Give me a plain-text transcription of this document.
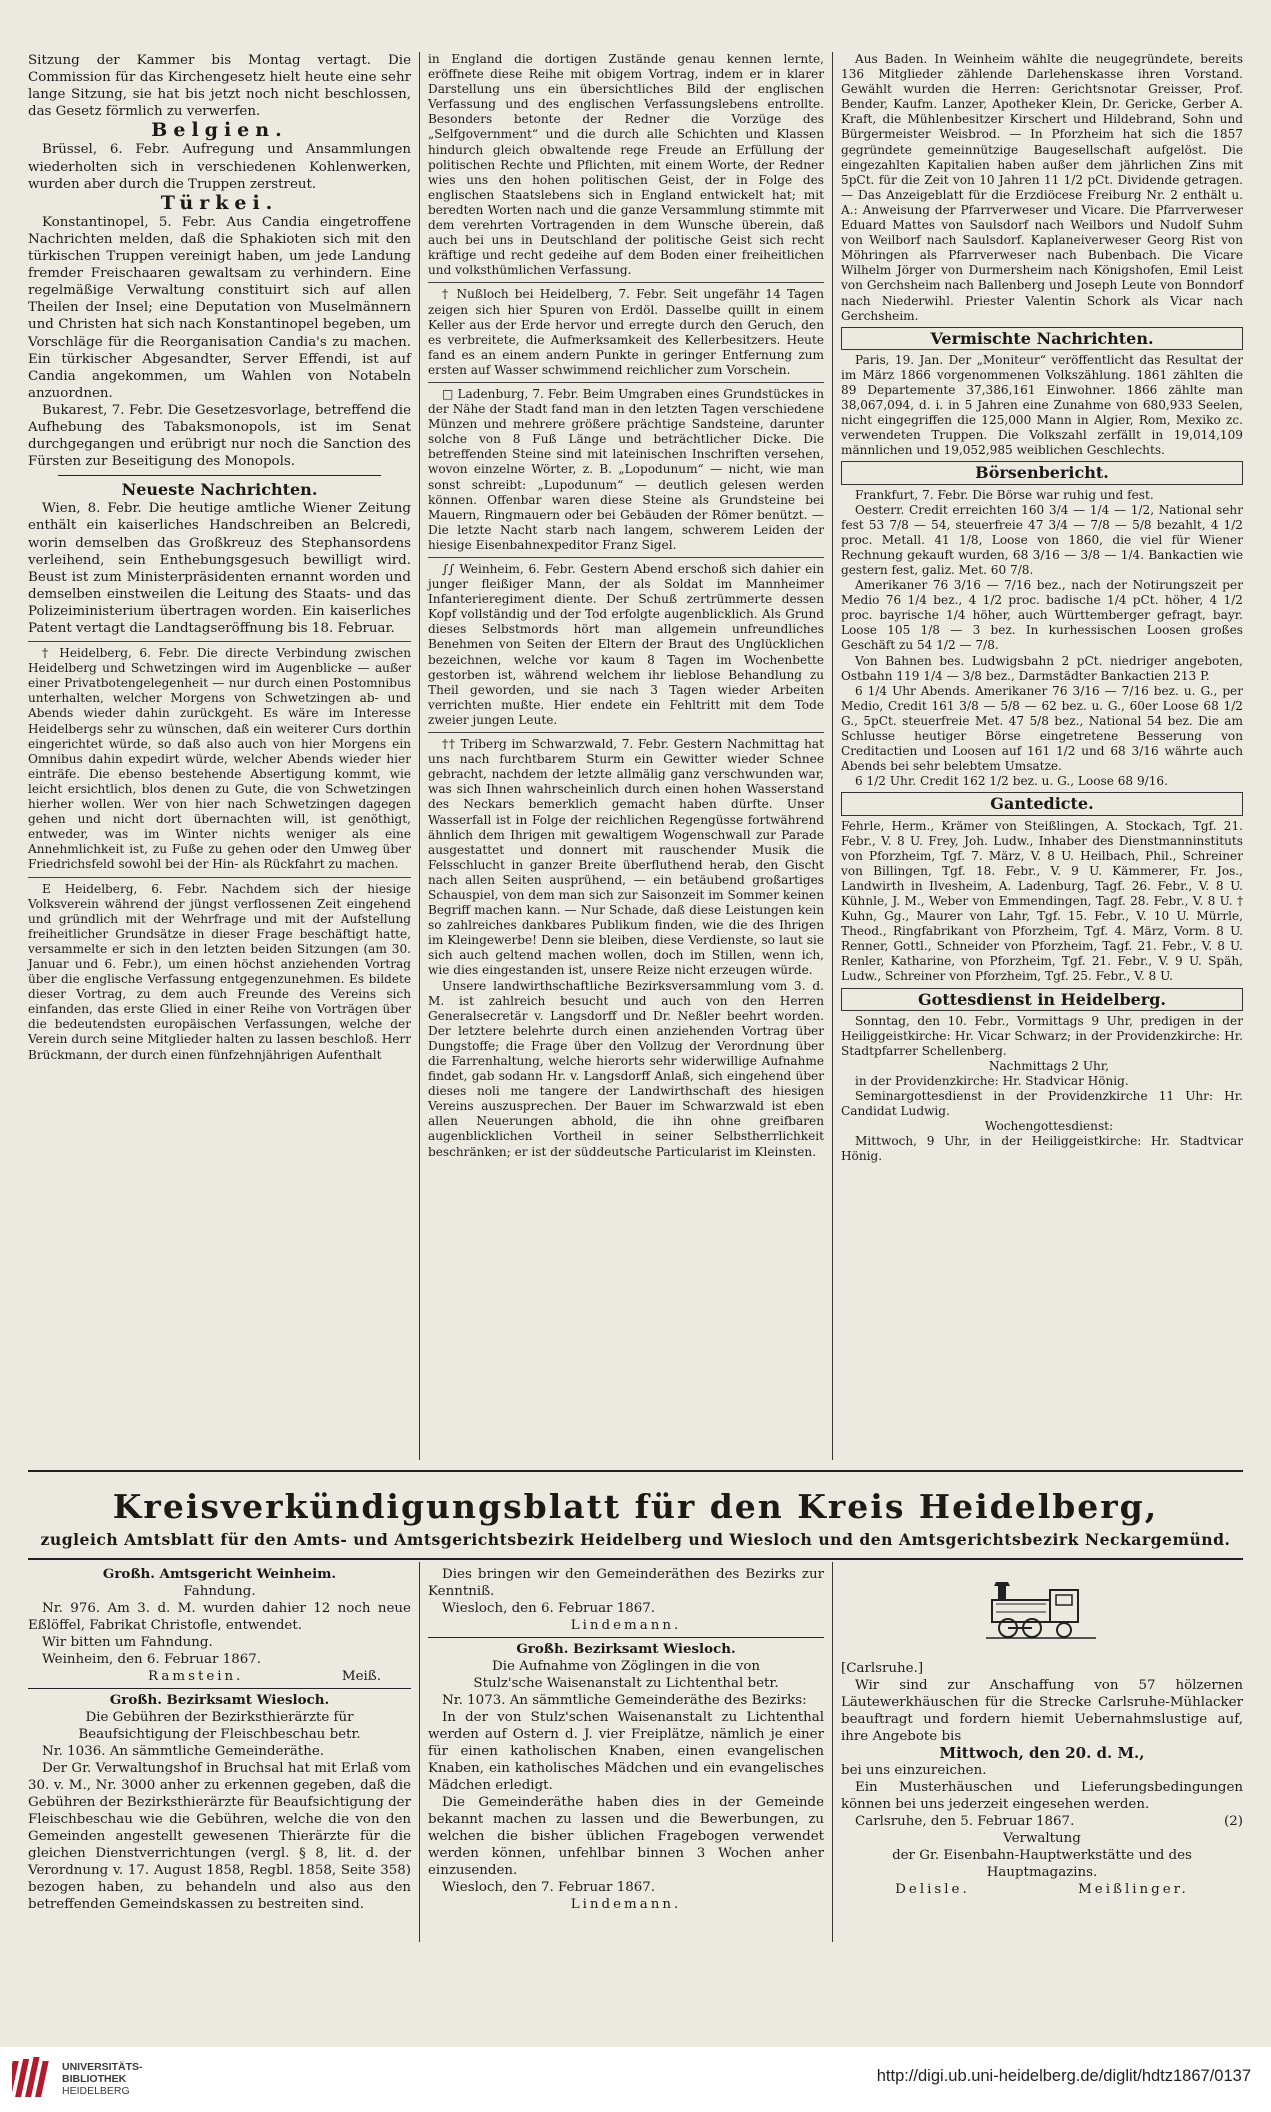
Sitzung der Kammer bis Montag vertagt. Die Commission für das Kirchengesetz hielt heute eine sehr lange Sitzung, sie hat bis jetzt noch nicht beschlossen, das Gesetz förmlich zu verwerfen.

Belgien.

Brüssel, 6. Febr. Aufregung und Ansammlungen wiederholten sich in verschiedenen Kohlenwerken, wurden aber durch die Truppen zerstreut.

Türkei.

Konstantinopel, 5. Febr. Aus Candia eingetroffene Nachrichten melden, daß die Sphakioten sich mit den türkischen Truppen vereinigt haben, um jede Landung fremder Freischaaren gewaltsam zu verhindern. Eine regelmäßige Verwaltung constituirt sich auf allen Theilen der Insel; eine Deputation von Muselmännern und Christen hat sich nach Konstantinopel begeben, um Vorschläge für die Reorganisation Candia's zu machen. Ein türkischer Abgesandter, Server Effendi, ist auf Candia angekommen, um Wahlen von Notabeln anzuordnen.

Bukarest, 7. Febr. Die Gesetzesvorlage, betreffend die Aufhebung des Tabaksmonopols, ist im Senat durchgegangen und erübrigt nur noch die Sanction des Fürsten zur Beseitigung des Monopols.

Neueste Nachrichten.

Wien, 8. Febr. Die heutige amtliche Wiener Zeitung enthält ein kaiserliches Handschreiben an Belcredi, worin demselben das Großkreuz des Stephansordens verleihend, sein Enthebungsgesuch bewilligt wird. Beust ist zum Ministerpräsidenten ernannt worden und demselben einstweilen die Leitung des Staats- und das Polizeiministerium übertragen worden. Ein kaiserliches Patent vertagt die Landtagseröffnung bis 18. Februar.

† Heidelberg, 6. Febr. Die directe Verbindung zwischen Heidelberg und Schwetzingen wird im Augenblicke — außer einer Privatbotengelegenheit — nur durch einen Postomnibus unterhalten, welcher Morgens von Schwetzingen ab- und Abends wieder dahin zurückgeht. Es wäre im Interesse Heidelbergs sehr zu wünschen, daß ein weiterer Curs dorthin eingerichtet würde, so daß also auch von hier Morgens ein Omnibus dahin expedirt würde, welcher Abends wieder hier einträfe. Die ebenso bestehende Absertigung kommt, wie leicht ersichtlich, blos denen zu Gute, die von Schwetzingen hierher wollen. Wer von hier nach Schwetzingen dagegen gehen und nicht dort übernachten will, ist genöthigt, entweder, was im Winter nichts weniger als eine Annehmlichkeit ist, zu Fuße zu gehen oder den Umweg über Friedrichsfeld sowohl bei der Hin- als Rückfahrt zu machen.

E Heidelberg, 6. Febr. Nachdem sich der hiesige Volksverein während der jüngst verflossenen Zeit eingehend und gründlich mit der Wehrfrage und mit der Aufstellung freiheitlicher Grundsätze in dieser Frage beschäftigt hatte, versammelte er sich in den letzten beiden Sitzungen (am 30. Januar und 6. Febr.), um einen höchst anziehenden Vortrag über die englische Verfassung entgegenzunehmen. Es bildete dieser Vortrag, zu dem auch Freunde des Vereins sich einfanden, das erste Glied in einer Reihe von Vorträgen über die bedeutendsten europäischen Verfassungen, welche der Verein durch seine Mitglieder halten zu lassen beschloß. Herr Brückmann, der durch einen fünfzehnjährigen Aufenthalt

in England die dortigen Zustände genau kennen lernte, eröffnete diese Reihe mit obigem Vortrag, indem er in klarer Darstellung uns ein übersichtliches Bild der englischen Verfassung und des englischen Verfassungslebens entrollte. Besonders betonte der Redner die Vorzüge des „Selfgovernment“ und die durch alle Schichten und Klassen hindurch gleich obwaltende rege Freude an Erfüllung der politischen Rechte und Pflichten, mit einem Worte, der Redner wies uns den hohen politischen Geist, der in Folge des englischen Staatslebens sich in England entwickelt hat; mit beredten Worten nach und die ganze Versammlung stimmte mit dem verehrten Vortragenden in dem Wunsche überein, daß auch bei uns in Deutschland der politische Geist sich recht kräftige und recht gedeihe auf dem Boden einer freiheitlichen und volksthümlichen Verfassung.

† Nußloch bei Heidelberg, 7. Febr. Seit ungefähr 14 Tagen zeigen sich hier Spuren von Erdöl. Dasselbe quillt in einem Keller aus der Erde hervor und erregte durch den Geruch, den es verbreitete, die Aufmerksamkeit des Kellerbesitzers. Heute fand es an einem andern Punkte in geringer Entfernung zum ersten auf Wasser schwimmend reichlicher zum Vorschein.

□ Ladenburg, 7. Febr. Beim Umgraben eines Grundstückes in der Nähe der Stadt fand man in den letzten Tagen verschiedene Münzen und mehrere größere prächtige Sandsteine, darunter solche von 8 Fuß Länge und beträchtlicher Dicke. Die betreffenden Steine sind mit lateinischen Inschriften versehen, wovon einzelne Wörter, z. B. „Lopodunum“ — nicht, wie man sonst schreibt: „Lupodunum“ — deutlich gelesen werden können. Offenbar waren diese Steine als Grundsteine bei Mauern, Ringmauern oder bei Gebäuden der Römer benützt. — Die letzte Nacht starb nach langem, schwerem Leiden der hiesige Eisenbahnexpeditor Franz Sigel.

∫∫ Weinheim, 6. Febr. Gestern Abend erschoß sich dahier ein junger fleißiger Mann, der als Soldat im Mannheimer Infanterieregiment diente. Der Schuß zertrümmerte dessen Kopf vollständig und der Tod erfolgte augenblicklich. Als Grund dieses Selbstmords hört man allgemein unfreundliches Benehmen von Seiten der Eltern der Braut des Unglücklichen bezeichnen, welche vor kaum 8 Tagen im Wochenbette gestorben ist, während welchem ihr lieblose Behandlung zu Theil geworden, und sie nach 3 Tagen wieder Arbeiten verrichten mußte. Hier endete ein Fehltritt mit dem Tode zweier jungen Leute.

†† Triberg im Schwarzwald, 7. Febr. Gestern Nachmittag hat uns nach furchtbarem Sturm ein Gewitter wieder Schnee gebracht, nachdem der letzte allmälig ganz verschwunden war, was sich Ihnen wahrscheinlich durch einen hohen Wasserstand des Neckars bemerklich gemacht haben dürfte. Unser Wasserfall ist in Folge der reichlichen Regengüsse fortwährend ähnlich dem Ihrigen mit gewaltigem Wogenschwall zur Parade ausgestattet und donnert mit rauschender Musik die Felsschlucht in ganzer Breite überfluthend herab, den Gischt nach allen Seiten ausprühend, — ein betäubend großartiges Schauspiel, von dem man sich zur Saisonzeit im Sommer keinen Begriff machen kann. — Nur Schade, daß diese Leistungen kein so zahlreiches dankbares Publikum finden, wie die des Ihrigen im Kleingewerbe! Denn sie bleiben, diese Verdienste, so laut sie sich auch geltend machen wollen, doch im Stillen, wenn ich, wie dies eingestanden ist, unsere Reize nicht erzeugen würde.

Unsere landwirthschaftliche Bezirksversammlung vom 3. d. M. ist zahlreich besucht und auch von den Herren Generalsecretär v. Langsdorff und Dr. Neßler beehrt worden. Der letztere belehrte durch einen anziehenden Vortrag über Dungstoffe; die Frage über den Vollzug der Verordnung über die Farrenhaltung, welche hierorts sehr widerwillige Aufnahme findet, gab sodann Hr. v. Langsdorff Anlaß, sich eingehend über dieses noli me tangere der Landwirthschaft des hiesigen Vereins auszusprechen. Der Bauer im Schwarzwald ist eben allen Neuerungen abhold, die ihn ohne greifbaren augenblicklichen Vortheil in seiner Selbstherrlichkeit beschränken; er ist der süddeutsche Particularist im Kleinsten.

Aus Baden. In Weinheim wählte die neugegründete, bereits 136 Mitglieder zählende Darlehenskasse ihren Vorstand. Gewählt wurden die Herren: Gerichtsnotar Greisser, Prof. Bender, Kaufm. Lanzer, Apotheker Klein, Dr. Gericke, Gerber A. Kraft, die Mühlenbesitzer Kirschert und Hildebrand, Sohn und Bürgermeister Weisbrod. — In Pforzheim hat sich die 1857 gegründete gemeinnützige Baugesellschaft aufgelöst. Die eingezahlten Kapitalien haben außer dem jährlichen Zins mit 5pCt. für die Zeit von 10 Jahren 11 1/2 pCt. Dividende getragen. — Das Anzeigeblatt für die Erzdiöcese Freiburg Nr. 2 enthält u. A.: Anweisung der Pfarrverweser und Vicare. Die Pfarrverweser Eduard Mattes von Saulsdorf nach Weilbors und Nudolf Suhm von Weilborf nach Saulsdorf. Kaplaneiverweser Georg Rist von Möhringen als Pfarrverweser nach Bubenbach. Die Vicare Wilhelm Jörger von Durmersheim nach Königshofen, Emil Leist von Gerchsheim nach Ballenberg und Joseph Leute von Bonndorf nach Niederwihl. Priester Valentin Schork als Vicar nach Gerchsheim.

Vermischte Nachrichten.

Paris, 19. Jan. Der „Moniteur“ veröffentlicht das Resultat der im März 1866 vorgenommenen Volkszählung. 1861 zählten die 89 Departemente 37,386,161 Einwohner. 1866 zählte man 38,067,094, d. i. in 5 Jahren eine Zunahme von 680,933 Seelen, nicht eingegriffen die 125,000 Mann in Algier, Rom, Mexiko zc. verwendeten Truppen. Die Volkszahl zerfällt in 19,014,109 männlichen und 19,052,985 weiblichen Geschlechts.

Börsenbericht.

Frankfurt, 7. Febr. Die Börse war ruhig und fest.

Oesterr. Credit erreichten 160 3/4 — 1/4 — 1/2, National sehr fest 53 7/8 — 54, steuerfreie 47 3/4 — 7/8 — 5/8 bezahlt, 4 1/2 proc. Metall. 41 1/8, Loose von 1860, die viel für Wiener Rechnung gekauft wurden, 68 3/16 — 3/8 — 1/4. Bankactien wie gestern fest, galiz. Met. 60 7/8.

Amerikaner 76 3/16 — 7/16 bez., nach der Notirungszeit per Medio 76 1/4 bez., 4 1/2 proc. badische 1/4 pCt. höher, 4 1/2 proc. bayrische 1/4 höher, auch Württemberger gefragt, bayr. Loose 105 1/8 — 3 bez. In kurhessischen Loosen großes Geschäft zu 54 1/2 — 7/8.

Von Bahnen bes. Ludwigsbahn 2 pCt. niedriger angeboten, Ostbahn 119 1/4 — 3/8 bez., Darmstädter Bankactien 213 P.

6 1/4 Uhr Abends. Amerikaner 76 3/16 — 7/16 bez. u. G., per Medio, Credit 161 3/8 — 5/8 — 62 bez. u. G., 60er Loose 68 1/2 G., 5pCt. steuerfreie Met. 47 5/8 bez., National 54 bez. Die am Schlusse heutiger Börse eingetretene Besserung von Creditactien und Loosen auf 161 1/2 und 68 3/16 währte auch Abends bei sehr belebtem Umsatze.

6 1/2 Uhr. Credit 162 1/2 bez. u. G., Loose 68 9/16.

Gantedicte.

Fehrle, Herm., Krämer von Steißlingen, A. Stockach, Tgf. 21. Febr., V. 8 U. Frey, Joh. Ludw., Inhaber des Dienstmanninstituts von Pforzheim, Tgf. 7. März, V. 8 U. Heilbach, Phil., Schreiner von Billingen, Tgf. 18. Febr., V. 9 U. Kämmerer, Fr. Jos., Landwirth in Ilvesheim, A. Ladenburg, Tagf. 26. Febr., V. 8 U. Kühnle, J. M., Weber von Emmendingen, Tagf. 28. Febr., V. 8 U. † Kuhn, Gg., Maurer von Lahr, Tgf. 15. Febr., V. 10 U. Mürrle, Theod., Ringfabrikant von Pforzheim, Tgf. 4. März, Vorm. 8 U. Renner, Gottl., Schneider von Pforzheim, Tagf. 21. Febr., V. 8 U. Renler, Katharine, von Pforzheim, Tgf. 21. Febr., V. 9 U. Späh, Ludw., Schreiner von Pforzheim, Tgf. 25. Febr., V. 8 U.

Gottesdienst in Heidelberg.

Sonntag, den 10. Febr., Vormittags 9 Uhr, predigen in der Heiliggeistkirche: Hr. Vicar Schwarz; in der Providenzkirche: Hr. Stadtpfarrer Schellenberg.

Nachmittags 2 Uhr,

in der Providenzkirche: Hr. Stadvicar Hönig.

Seminargottesdienst in der Providenzkirche 11 Uhr: Hr. Candidat Ludwig.

Wochengottesdienst:

Mittwoch, 9 Uhr, in der Heiliggeistkirche: Hr. Stadtvicar Hönig.

Kreisverkündigungsblatt für den Kreis Heidelberg,
zugleich Amtsblatt für den Amts- und Amtsgerichtsbezirk Heidelberg und Wiesloch und den Amtsgerichtsbezirk Neckargemünd.

Großh. Amtsgericht Weinheim.

Fahndung.

Nr. 976. Am 3. d. M. wurden dahier 12 noch neue Eßlöffel, Fabrikat Christofle, entwendet.

Wir bitten um Fahndung.

Weinheim, den 6. Februar 1867.

Ramstein.	Meiß.

Großh. Bezirksamt Wiesloch.

Die Gebühren der Bezirksthierärzte für Beaufsichtigung der Fleischbeschau betr.

Nr. 1036. An sämmtliche Gemeinderäthe.

Der Gr. Verwaltungshof in Bruchsal hat mit Erlaß vom 30. v. M., Nr. 3000 anher zu erkennen gegeben, daß die Gebühren der Bezirksthierärzte für Beaufsichtigung der Fleischbeschau wie die Gebühren, welche die von den Gemeinden angestellt gewesenen Thierärzte für die gleichen Dienstverrichtungen (vergl. § 8, lit. d. der Verordnung v. 17. August 1858, Regbl. 1858, Seite 358) bezogen haben, zu behandeln und also aus den betreffenden Gemeindskassen zu bestreiten sind.

Dies bringen wir den Gemeinderäthen des Bezirks zur Kenntniß.

Wiesloch, den 6. Februar 1867.

Lindemann.

Großh. Bezirksamt Wiesloch.

Die Aufnahme von Zöglingen in die von Stulz'sche Waisenanstalt zu Lichtenthal betr.

Nr. 1073. An sämmtliche Gemeinderäthe des Bezirks:

In der von Stulz'schen Waisenanstalt zu Lichtenthal werden auf Ostern d. J. vier Freiplätze, nämlich je einer für einen katholischen Knaben, einen evangelischen Knaben, ein katholisches Mädchen und ein evangelisches Mädchen erledigt.

Die Gemeinderäthe haben dies in der Gemeinde bekannt machen zu lassen und die Bewerbungen, zu welchen die bisher üblichen Fragebogen verwendet werden können, unfehlbar binnen 3 Wochen anher einzusenden.

Wiesloch, den 7. Februar 1867.

Lindemann.

[Carlsruhe.]

Wir sind zur Anschaffung von 57 hölzernen Läutewerkhäuschen für die Strecke Carlsruhe-Mühlacker beauftragt und fordern hiemit Uebernahmslustige auf, ihre Angebote bis

Mittwoch, den 20. d. M.,

bei uns einzureichen.

Ein Musterhäuschen und Lieferungsbedingungen können bei uns jederzeit eingesehen werden.

Carlsruhe, den 5. Februar 1867.	(2)

Verwaltung

der Gr. Eisenbahn-Hauptwerkstätte und des Hauptmagazins.

Delisle.	Meißlinger.

UNIVERSITÄTS-
BIBLIOTHEK
HEIDELBERG
http://digi.ub.uni-heidelberg.de/diglit/hdtz1867/0137
